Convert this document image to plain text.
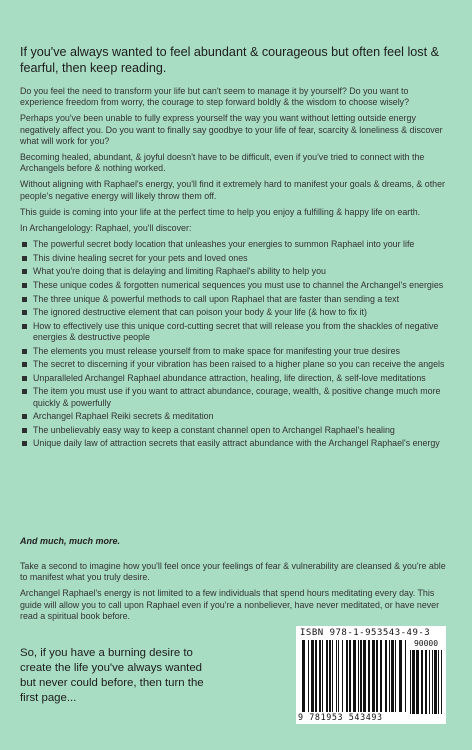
If you've always wanted to feel abundant & courageous but often feel lost & fearful, then keep reading.

Do you feel the need to transform your life but can't seem to manage it by yourself? Do you want to experience freedom from worry, the courage to step forward boldly & the wisdom to choose wisely?

Perhaps you've been unable to fully express yourself the way you want without letting outside energy negatively affect you. Do you want to finally say goodbye to your life of fear, scarcity & loneliness & discover what will work for you?

Becoming healed, abundant, & joyful doesn't have to be difficult, even if you've tried to connect with the Archangels before & nothing worked.

Without aligning with Raphael's energy, you'll find it extremely hard to manifest your goals & dreams, & other people's negative energy will likely throw them off.

This guide is coming into your life at the perfect time to help you enjoy a fulfilling & happy life on earth.

In Archangelology: Raphael, you'll discover:

The powerful secret body location that unleashes your energies to summon Raphael into your life
This divine healing secret for your pets and loved ones
What you're doing that is delaying and limiting Raphael's ability to help you
These unique codes & forgotten numerical sequences you must use to channel the Archangel's energies
The three unique & powerful methods to call upon Raphael that are faster than sending a text
The ignored destructive element that can poison your body & your life (& how to fix it)
How to effectively use this unique cord-cutting secret that will release you from the shackles of negative energies & destructive people
The elements you must release yourself from to make space for manifesting your true desires
The secret to discerning if your vibration has been raised to a higher plane so you can receive the angels
Unparalleled Archangel Raphael abundance attraction, healing, life direction, & self-love meditations
The item you must use if you want to attract abundance, courage, wealth, & positive change much more quickly & powerfully
Archangel Raphael Reiki secrets & meditation
The unbelievably easy way to keep a constant channel open to Archangel Raphael's healing
Unique daily law of attraction secrets that easily attract abundance with the Archangel Raphael's energy
And much, much more.

Take a second to imagine how you'll feel once your feelings of fear & vulnerability are cleansed & you're able to manifest what you truly desire.

Archangel Raphael's energy is not limited to a few individuals that spend hours meditating every day. This guide will allow you to call upon Raphael even if you're a nonbeliever, have never meditated, or have never read a spiritual book before.

So, if you have a burning desire to create the life you've always wanted but never could before, then turn the first page...
ISBN 978-1-953543-49-3
90000
9 781953 543493
